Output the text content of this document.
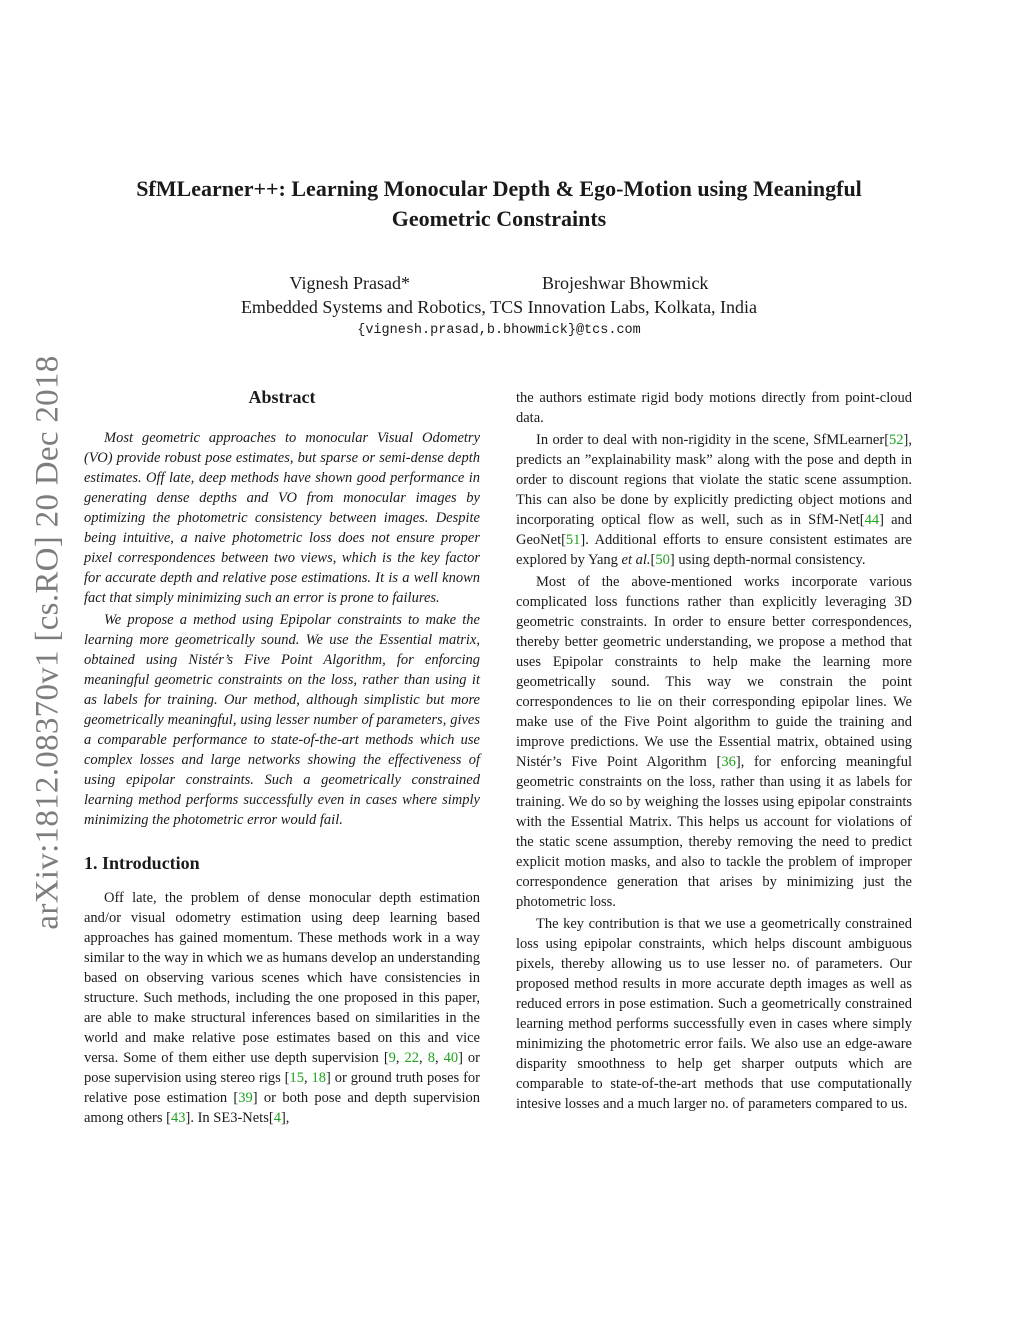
arXiv:1812.08370v1 [cs.RO] 20 Dec 2018
SfMLearner++: Learning Monocular Depth & Ego-Motion using Meaningful Geometric Constraints
Vignesh Prasad*	Brojeshwar Bhowmick
Embedded Systems and Robotics, TCS Innovation Labs, Kolkata, India
{vignesh.prasad,b.bhowmick}@tcs.com
Abstract

Most geometric approaches to monocular Visual Odometry (VO) provide robust pose estimates, but sparse or semi-dense depth estimates. Off late, deep methods have shown good performance in generating dense depths and VO from monocular images by optimizing the photometric consistency between images. Despite being intuitive, a naive photometric loss does not ensure proper pixel correspondences between two views, which is the key factor for accurate depth and relative pose estimations. It is a well known fact that simply minimizing such an error is prone to failures.

We propose a method using Epipolar constraints to make the learning more geometrically sound. We use the Essential matrix, obtained using Nistér’s Five Point Algorithm, for enforcing meaningful geometric constraints on the loss, rather than using it as labels for training. Our method, although simplistic but more geometrically meaningful, using lesser number of parameters, gives a comparable performance to state-of-the-art methods which use complex losses and large networks showing the effectiveness of using epipolar constraints. Such a geometrically constrained learning method performs successfully even in cases where simply minimizing the photometric error would fail.

1. Introduction

Off late, the problem of dense monocular depth estimation and/or visual odometry estimation using deep learning based approaches has gained momentum. These methods work in a way similar to the way in which we as humans develop an understanding based on observing various scenes which have consistencies in structure. Such methods, including the one proposed in this paper, are able to make structural inferences based on similarities in the world and make relative pose estimates based on this and vice versa. Some of them either use depth supervision [9, 22, 8, 40] or pose supervision using stereo rigs [15, 18] or ground truth poses for relative pose estimation [39] or both pose and depth supervision among others [43]. In SE3-Nets[4],

the authors estimate rigid body motions directly from point-cloud data.

In order to deal with non-rigidity in the scene, SfMLearner[52], predicts an ”explainability mask” along with the pose and depth in order to discount regions that violate the static scene assumption. This can also be done by explicitly predicting object motions and incorporating optical flow as well, such as in SfM-Net[44] and GeoNet[51]. Additional efforts to ensure consistent estimates are explored by Yang et al.[50] using depth-normal consistency.

Most of the above-mentioned works incorporate various complicated loss functions rather than explicitly leveraging 3D geometric constraints. In order to ensure better correspondences, thereby better geometric understanding, we propose a method that uses Epipolar constraints to help make the learning more geometrically sound. This way we constrain the point correspondences to lie on their corresponding epipolar lines. We make use of the Five Point algorithm to guide the training and improve predictions. We use the Essential matrix, obtained using Nistér’s Five Point Algorithm [36], for enforcing meaningful geometric constraints on the loss, rather than using it as labels for training. We do so by weighing the losses using epipolar constraints with the Essential Matrix. This helps us account for violations of the static scene assumption, thereby removing the need to predict explicit motion masks, and also to tackle the problem of improper correspondence generation that arises by minimizing just the photometric loss.

The key contribution is that we use a geometrically constrained loss using epipolar constraints, which helps discount ambiguous pixels, thereby allowing us to use lesser no. of parameters. Our proposed method results in more accurate depth images as well as reduced errors in pose estimation. Such a geometrically constrained learning method performs successfully even in cases where simply minimizing the photometric error fails. We also use an edge-aware disparity smoothness to help get sharper outputs which are comparable to state-of-the-art methods that use computationally intesive losses and a much larger no. of parameters compared to us.
